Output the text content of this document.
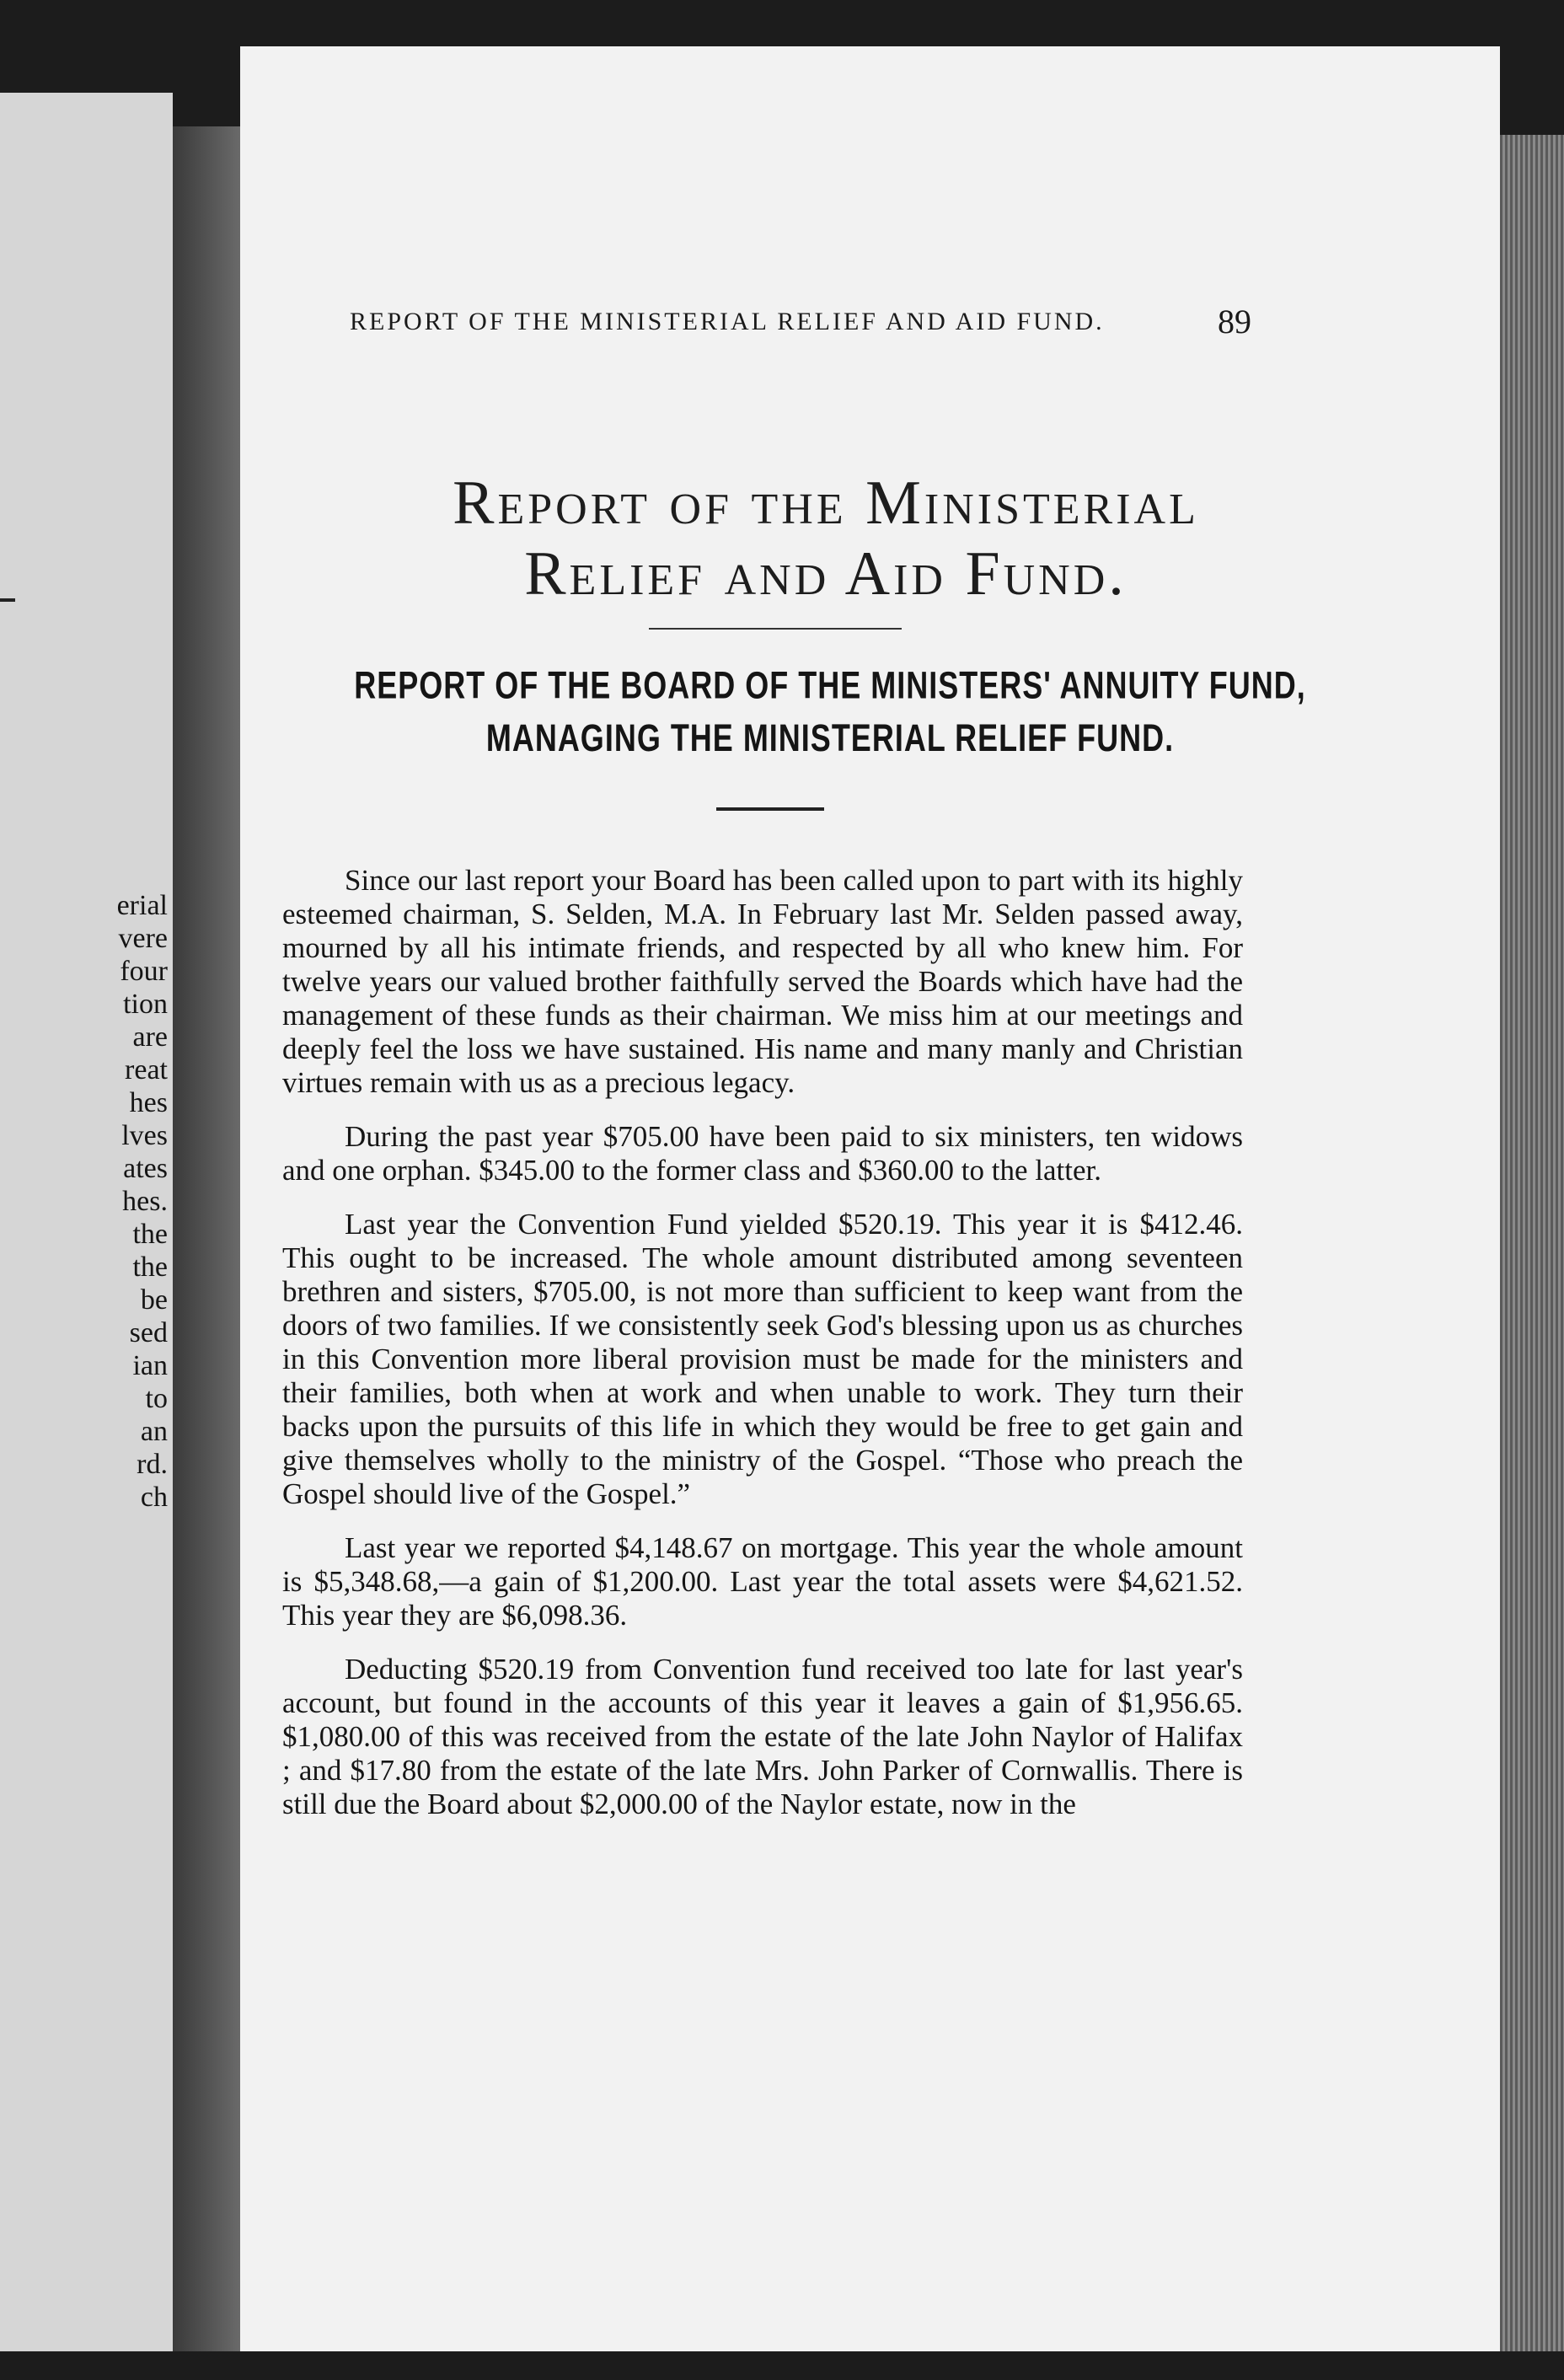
erial
vere
four
tion
are
reat
hes
lves
ates
hes.
the
the
be
sed
ian
to
an
rd.
ch
REPORT OF THE MINISTERIAL RELIEF AND AID FUND.	89
Report of the Ministerial
Relief and Aid Fund.
REPORT OF THE BOARD OF THE MINISTERS' ANNUITY FUND,
MANAGING THE MINISTERIAL RELIEF FUND.

Since our last report your Board has been called upon to part with its highly esteemed chairman, S. Selden, M.A. In February last Mr. Selden passed away, mourned by all his intimate friends, and respected by all who knew him. For twelve years our valued brother faithfully served the Boards which have had the management of these funds as their chairman. We miss him at our meetings and deeply feel the loss we have sustained. His name and many manly and Christian virtues remain with us as a precious legacy.

During the past year $705.00 have been paid to six ministers, ten widows and one orphan. $345.00 to the former class and $360.00 to the latter.

Last year the Convention Fund yielded $520.19. This year it is $412.46. This ought to be increased. The whole amount distributed among seventeen brethren and sisters, $705.00, is not more than sufficient to keep want from the doors of two families. If we consistently seek God's blessing upon us as churches in this Convention more liberal provision must be made for the ministers and their families, both when at work and when unable to work. They turn their backs upon the pursuits of this life in which they would be free to get gain and give themselves wholly to the ministry of the Gospel. “Those who preach the Gospel should live of the Gospel.”

Last year we reported $4,148.67 on mortgage. This year the whole amount is $5,348.68,—a gain of $1,200.00. Last year the total assets were $4,621.52. This year they are $6,098.36.

Deducting $520.19 from Convention fund received too late for last year's account, but found in the accounts of this year it leaves a gain of $1,956.65. $1,080.00 of this was received from the estate of the late John Naylor of Halifax ; and $17.80 from the estate of the late Mrs. John Parker of Cornwallis. There is still due the Board about $2,000.00 of the Naylor estate, now in the
